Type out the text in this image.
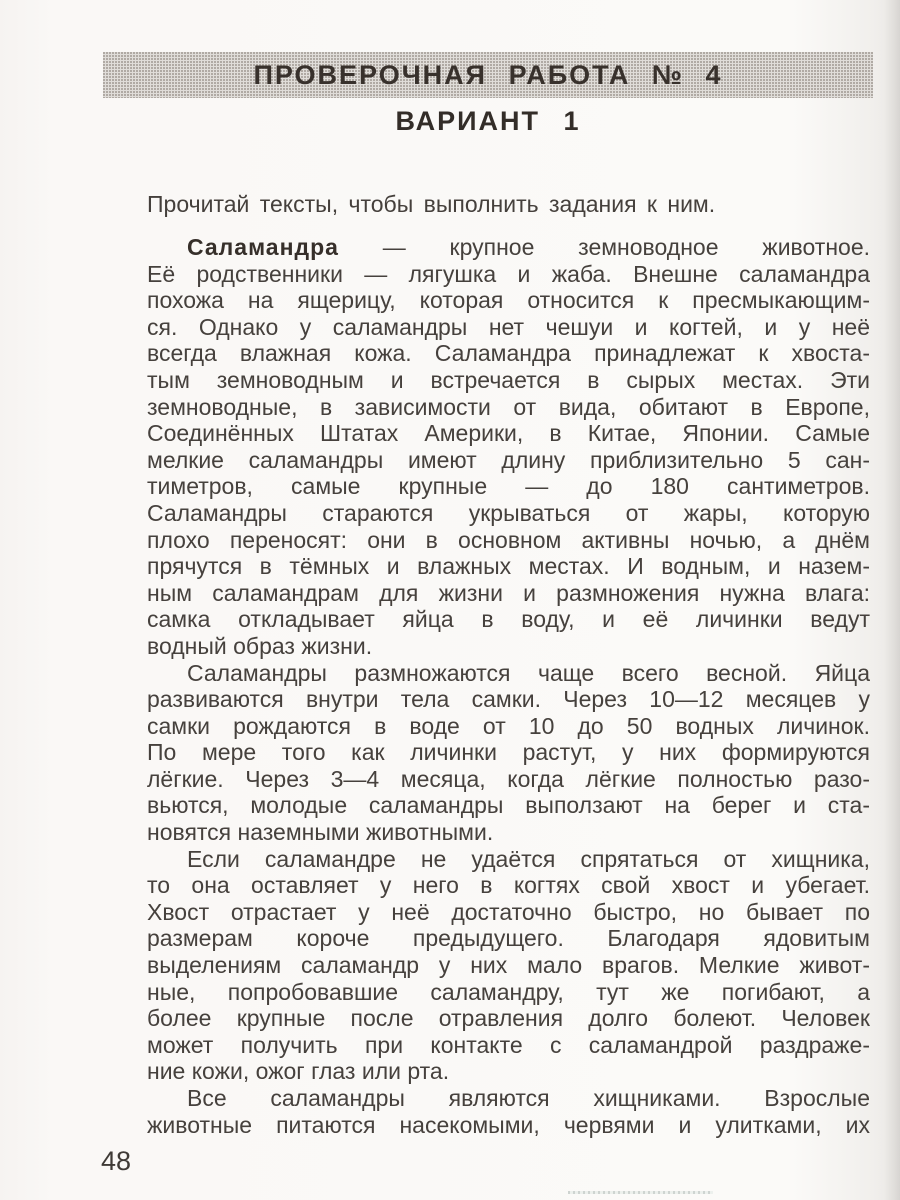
ПРОВЕРОЧНАЯ РАБОТА № 4
ВАРИАНТ 1
Прочитай тексты, чтобы выполнить задания к ним.
Саламандра — крупное земноводное животное.
Её родственники — лягушка и жаба. Внешне саламандра
похожа на ящерицу, которая относится к пресмыкающим-
ся. Однако у саламандры нет чешуи и когтей, и у неё
всегда влажная кожа. Саламандра принадлежат к хвоста-
тым земноводным и встречается в сырых местах. Эти
земноводные, в зависимости от вида, обитают в Европе,
Соединённых Штатах Америки, в Китае, Японии. Самые
мелкие саламандры имеют длину приблизительно 5 сан-
тиметров, самые крупные — до 180 сантиметров.
Саламандры стараются укрываться от жары, которую
плохо переносят: они в основном активны ночью, а днём
прячутся в тёмных и влажных местах. И водным, и назем-
ным саламандрам для жизни и размножения нужна влага:
самка откладывает яйца в воду, и её личинки ведут
водный образ жизни.
Саламандры размножаются чаще всего весной. Яйца
развиваются внутри тела самки. Через 10—12 месяцев у
самки рождаются в воде от 10 до 50 водных личинок.
По мере того как личинки растут, у них формируются
лёгкие. Через 3—4 месяца, когда лёгкие полностью разо-
вьются, молодые саламандры выползают на берег и ста-
новятся наземными животными.
Если саламандре не удаётся спрятаться от хищника,
то она оставляет у него в когтях свой хвост и убегает.
Хвост отрастает у неё достаточно быстро, но бывает по
размерам короче предыдущего. Благодаря ядовитым
выделениям саламандр у них мало врагов. Мелкие живот-
ные, попробовавшие саламандру, тут же погибают, а
более крупные после отравления долго болеют. Человек
может получить при контакте с саламандрой раздраже-
ние кожи, ожог глаз или рта.
Все саламандры являются хищниками. Взрослые
животные питаются насекомыми, червями и улитками, их
48
